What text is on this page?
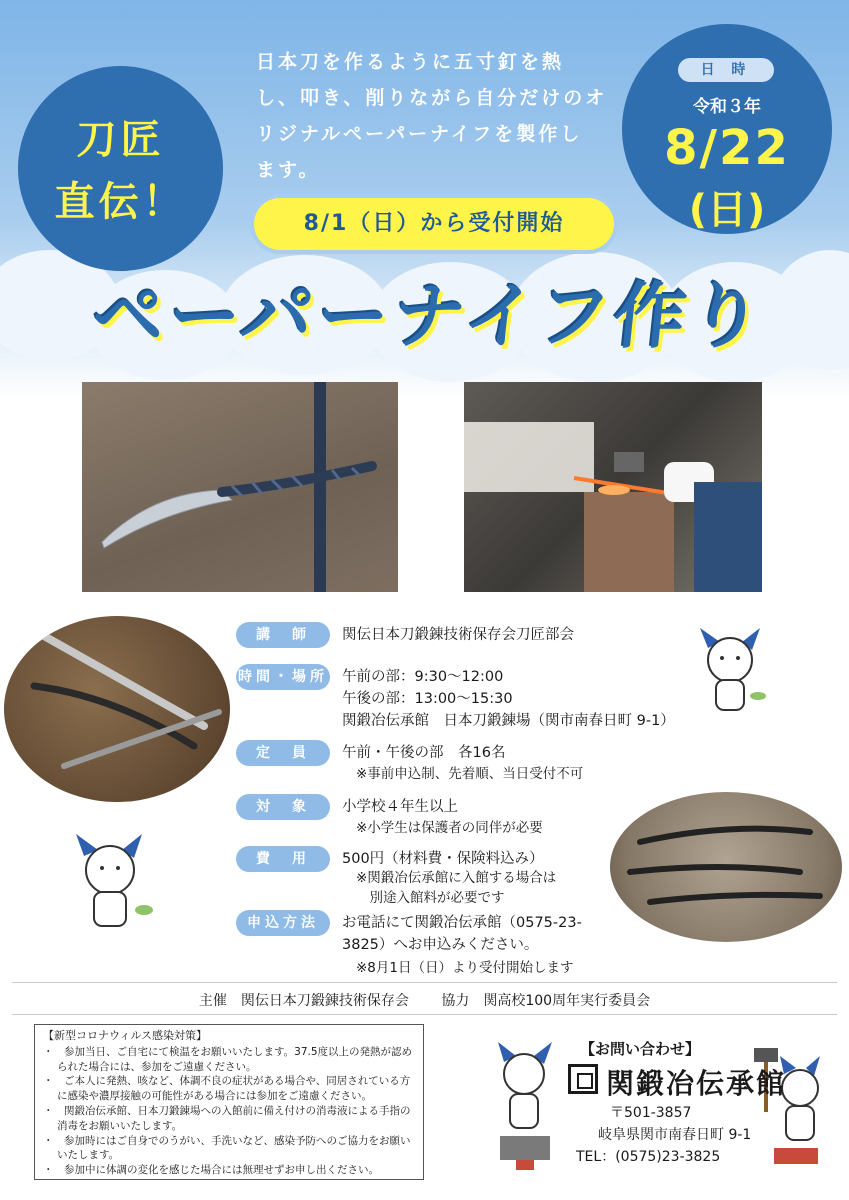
刀匠
直伝！
日本刀を作るように五寸釘を熱
し、叩き、削りながら自分だけのオ
リジナルペーパーナイフを製作し
ます。
日 時
令和３年
8/22
(日)
8/1（日）から受付開始
ペーパーナイフ作り
講　師	関伝日本刀鍛錬技術保存会刀匠部会
時間・場所 午前の部：9:30～12:00
午後の部：13:00～15:30
関鍛冶伝承館　日本刀鍛錬場（関市南春日町 9-1）
定　員	午前・午後の部　各16名
※事前申込制、先着順、当日受付不可
対　象	小学校４年生以上
※小学生は保護者の同伴が必要
費　用	500円（材料費・保険料込み）
※関鍛冶伝承館に入館する場合は
　別途入館料が必要です
申込方法	お電話にて関鍛冶伝承館（0575-23-
3825）へお申込みください。
※8月1日（日）より受付開始します
主催　関伝日本刀鍛錬技術保存会 協力　関高校100周年実行委員会
【新型コロナウィルス感染対策】
・　参加当日、ご自宅にて検温をお願いいたします。37.5度以上の発熱が認められた場合には、参加をご遠慮ください。
・　ご本人に発熱、咳など、体調不良の症状がある場合や、同居されている方に感染や濃厚接触の可能性がある場合には参加をご遠慮ください。
・　関鍛冶伝承館、日本刀鍛錬場への入館前に備え付けの消毒液による手指の消毒をお願いいたします。
・　参加時にはご自身でのうがい、手洗いなど、感染予防へのご協力をお願いいたします。
・　参加中に体調の変化を感じた場合には無理せずお申し出ください。
【お問い合わせ】
関鍛冶伝承館
〒501-3857
岐阜県関市南春日町 9-1
TEL：(0575)23-3825
